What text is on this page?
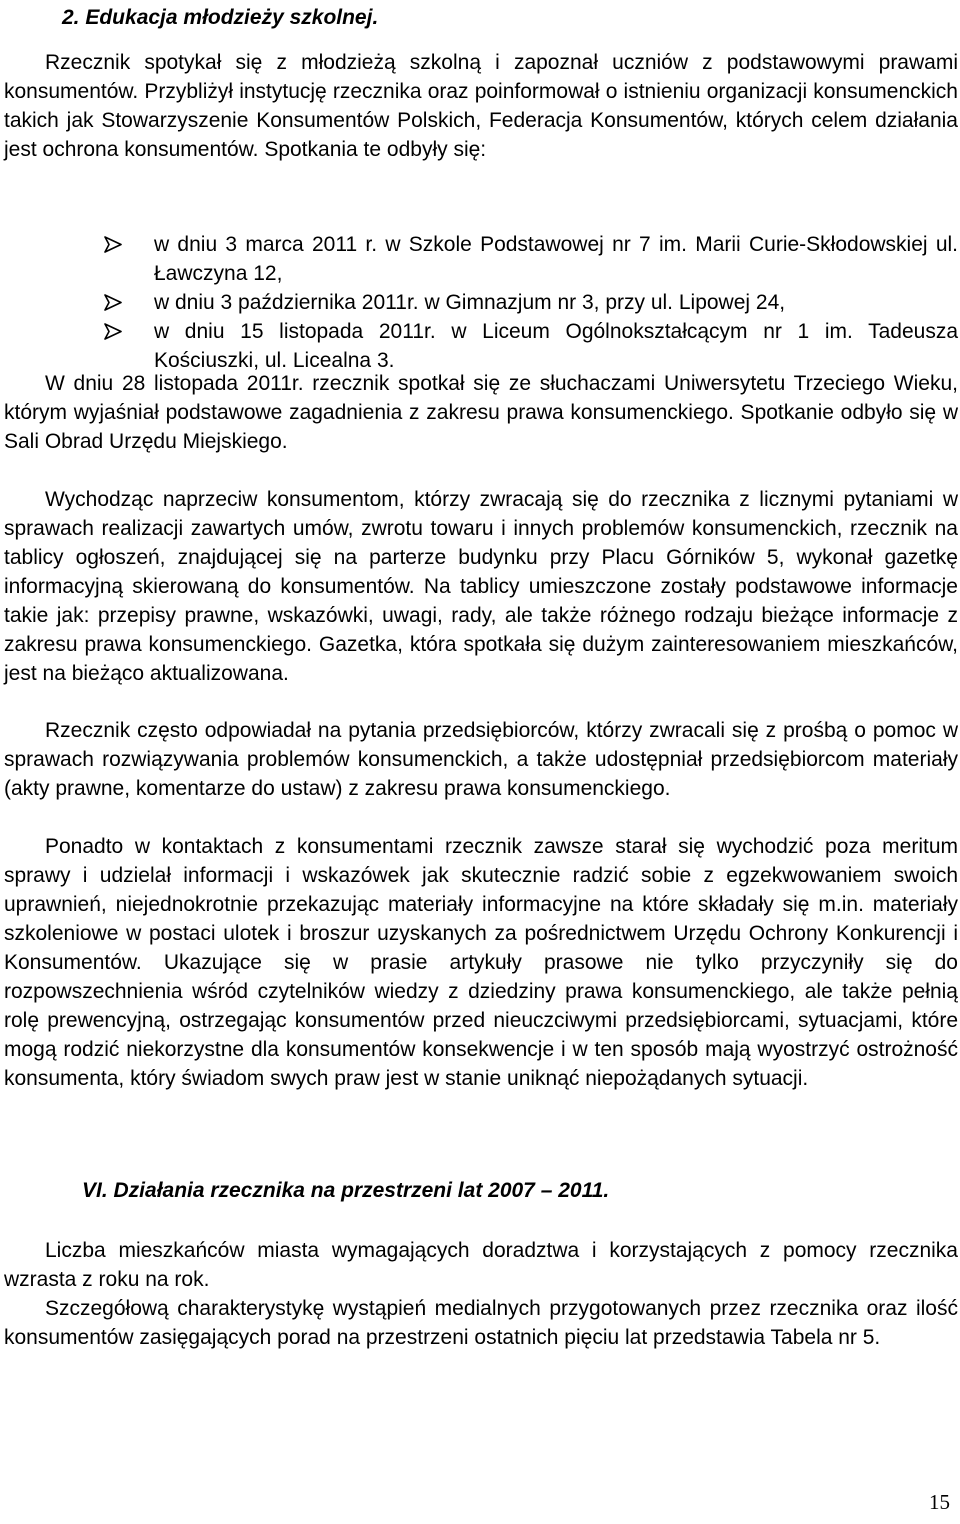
2. Edukacja młodzieży szkolnej.
Rzecznik spotykał się z młodzieżą szkolną i zapoznał uczniów z podstawowymi prawami konsumentów. Przybliżył instytucję rzecznika oraz poinformował o istnieniu organizacji konsumenckich takich jak Stowarzyszenie Konsumentów Polskich, Federacja Konsumentów, których celem działania jest ochrona konsumentów. Spotkania te odbyły się:
w dniu 3 marca 2011 r. w Szkole Podstawowej nr 7 im. Marii Curie-Skłodowskiej ul. Ławczyna 12,
w dniu 3 października 2011r. w Gimnazjum nr 3, przy ul. Lipowej 24,
w dniu 15 listopada 2011r. w Liceum Ogólnokształcącym nr 1 im. Tadeusza Kościuszki, ul. Licealna 3.
W dniu 28 listopada 2011r. rzecznik spotkał się ze słuchaczami Uniwersytetu Trzeciego Wieku, którym wyjaśniał podstawowe zagadnienia z zakresu prawa konsumenckiego. Spotkanie odbyło się w Sali Obrad Urzędu Miejskiego.
Wychodząc naprzeciw konsumentom, którzy zwracają się do rzecznika z licznymi pytaniami w sprawach realizacji zawartych umów, zwrotu towaru i innych problemów konsumenckich, rzecznik na tablicy ogłoszeń, znajdującej się na parterze budynku przy Placu Górników 5, wykonał gazetkę informacyjną skierowaną do konsumentów. Na tablicy umieszczone zostały podstawowe informacje takie jak: przepisy prawne, wskazówki, uwagi, rady, ale także różnego rodzaju bieżące informacje z zakresu prawa konsumenckiego. Gazetka, która spotkała się dużym zainteresowaniem mieszkańców, jest na bieżąco aktualizowana.
Rzecznik często odpowiadał na pytania przedsiębiorców, którzy zwracali się z prośbą o pomoc w sprawach rozwiązywania problemów konsumenckich, a także udostępniał przedsiębiorcom materiały (akty prawne, komentarze do ustaw) z zakresu prawa konsumenckiego.
Ponadto w kontaktach z konsumentami rzecznik zawsze starał się wychodzić poza meritum sprawy i udzielał informacji i wskazówek jak skutecznie radzić sobie z egzekwowaniem swoich uprawnień, niejednokrotnie przekazując materiały informacyjne na które składały się m.in. materiały szkoleniowe w postaci ulotek i broszur uzyskanych za pośrednictwem Urzędu Ochrony Konkurencji i Konsumentów. Ukazujące się w prasie artykuły prasowe nie tylko przyczyniły się do rozpowszechnienia wśród czytelników wiedzy z dziedziny prawa konsumenckiego, ale także pełnią rolę prewencyjną, ostrzegając konsumentów przed nieuczciwymi przedsiębiorcami, sytuacjami, które mogą rodzić niekorzystne dla konsumentów konsekwencje i w ten sposób mają wyostrzyć ostrożność konsumenta, który świadom swych praw jest w stanie uniknąć niepożądanych sytuacji.
VI. Działania rzecznika na przestrzeni lat 2007 – 2011.
Liczba mieszkańców miasta wymagających doradztwa i korzystających z pomocy rzecznika wzrasta z roku na rok.
Szczegółową charakterystykę wystąpień medialnych przygotowanych przez rzecznika oraz ilość konsumentów zasięgających porad na przestrzeni ostatnich pięciu lat przedstawia Tabela nr 5.
15
